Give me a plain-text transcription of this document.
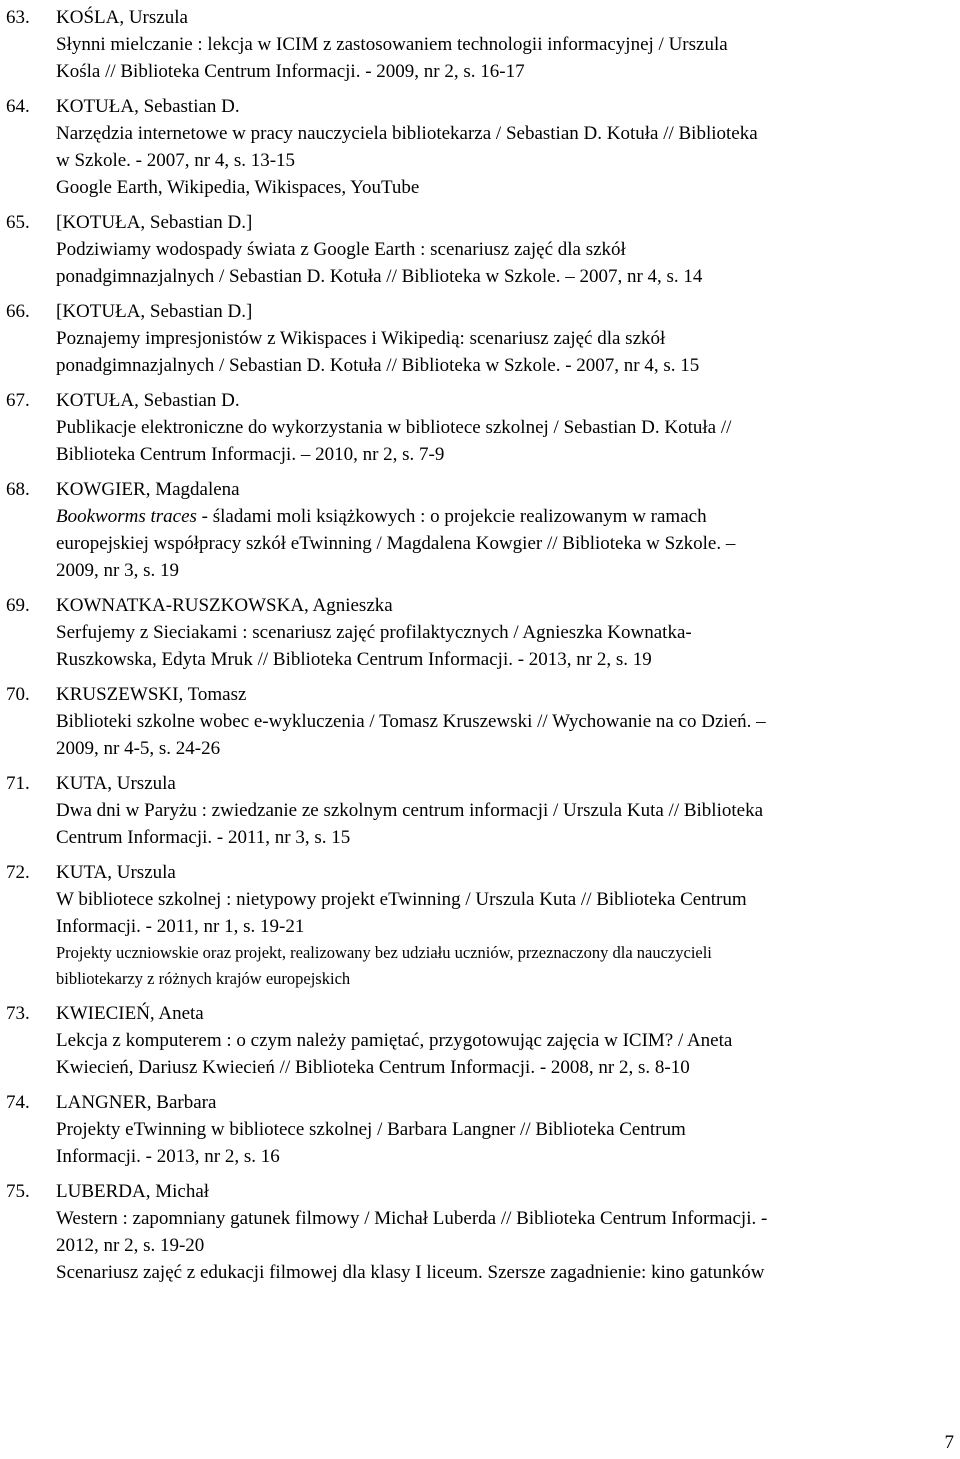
63. KOŚLA, Urszula
Słynni mielczanie : lekcja w ICIM z zastosowaniem technologii informacyjnej / Urszula
Kośla // Biblioteka Centrum Informacji. - 2009, nr 2, s. 16-17
64. KOTUŁA, Sebastian D.
Narzędzia internetowe w pracy nauczyciela bibliotekarza / Sebastian D. Kotuła // Biblioteka
w Szkole. - 2007, nr 4, s. 13-15
Google Earth, Wikipedia, Wikispaces, YouTube
65. [KOTUŁA, Sebastian D.]
Podziwiamy wodospady świata z Google Earth : scenariusz zajęć dla szkół
ponadgimnazjalnych / Sebastian D. Kotuła // Biblioteka w Szkole. – 2007, nr 4, s. 14
66. [KOTUŁA, Sebastian D.]
Poznajemy impresjonistów z Wikispaces i Wikipedią: scenariusz zajęć dla szkół
ponadgimnazjalnych / Sebastian D. Kotuła // Biblioteka w Szkole. - 2007, nr 4, s. 15
67. KOTUŁA, Sebastian D.
Publikacje elektroniczne do wykorzystania w bibliotece szkolnej / Sebastian D. Kotuła //
Biblioteka Centrum Informacji. – 2010, nr 2, s. 7-9
68. KOWGIER, Magdalena
Bookworms traces - śladami moli książkowych : o projekcie realizowanym w ramach
europejskiej współpracy szkół eTwinning / Magdalena Kowgier // Biblioteka w Szkole. –
2009, nr 3, s. 19
69. KOWNATKA-RUSZKOWSKA, Agnieszka
Serfujemy z Sieciakami : scenariusz zajęć profilaktycznych / Agnieszka Kownatka-
Ruszkowska, Edyta Mruk // Biblioteka Centrum Informacji. - 2013, nr 2, s. 19
70. KRUSZEWSKI, Tomasz
Biblioteki szkolne wobec e-wykluczenia / Tomasz Kruszewski // Wychowanie na co Dzień. –
2009, nr 4-5, s. 24-26
71. KUTA, Urszula
Dwa dni w Paryżu : zwiedzanie ze szkolnym centrum informacji / Urszula Kuta // Biblioteka
Centrum Informacji. - 2011, nr 3, s. 15
72. KUTA, Urszula
W bibliotece szkolnej : nietypowy projekt eTwinning / Urszula Kuta // Biblioteka Centrum
Informacji. - 2011, nr 1, s. 19-21
Projekty uczniowskie oraz projekt, realizowany bez udziału uczniów, przeznaczony dla nauczycieli
bibliotekarzy z różnych krajów europejskich
73. KWIECIEŃ, Aneta
Lekcja z komputerem : o czym należy pamiętać, przygotowując zajęcia w ICIM? / Aneta
Kwiecień, Dariusz Kwiecień // Biblioteka Centrum Informacji. - 2008, nr 2, s. 8-10
74. LANGNER, Barbara
Projekty eTwinning w bibliotece szkolnej / Barbara Langner // Biblioteka Centrum
Informacji. - 2013, nr 2, s. 16
75. LUBERDA, Michał
Western : zapomniany gatunek filmowy / Michał Luberda // Biblioteka Centrum Informacji. -
2012, nr 2, s. 19-20
Scenariusz zajęć z edukacji filmowej dla klasy I liceum. Szersze zagadnienie: kino gatunków
7
